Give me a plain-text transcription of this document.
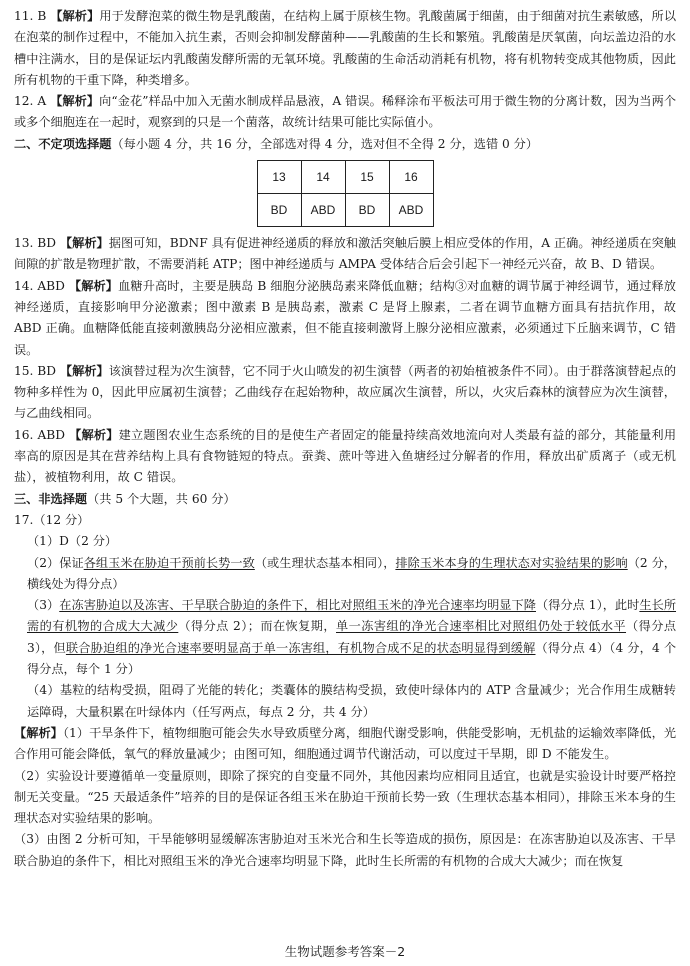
11. B 【解析】用于发酵泡菜的微生物是乳酸菌，在结构上属于原核生物。乳酸菌属于细菌，由于细菌对抗生素敏感，所以在泡菜的制作过程中，不能加入抗生素，否则会抑制发酵菌种——乳酸菌的生长和繁殖。乳酸菌是厌氧菌，向坛盖边沿的水槽中注满水，目的是保证坛内乳酸菌发酵所需的无氧环境。乳酸菌的生命活动消耗有机物，将有机物转变成其他物质，因此所有机物的干重下降，种类增多。

12. A 【解析】向“金花”样品中加入无菌水制成样品悬液，A 错误。稀释涂布平板法可用于微生物的分离计数，因为当两个或多个细胞连在一起时，观察到的只是一个菌落，故统计结果可能比实际值小。

二、不定项选择题（每小题 4 分，共 16 分，全部选对得 4 分，选对但不全得 2 分，选错 0 分）

13	14	15	16
BD	ABD	BD	ABD

13. BD 【解析】据图可知，BDNF 具有促进神经递质的释放和激活突触后膜上相应受体的作用，A 正确。神经递质在突触间隙的扩散是物理扩散，不需要消耗 ATP；图中神经递质与 AMPA 受体结合后会引起下一神经元兴奋，故 B、D 错误。

14. ABD 【解析】血糖升高时，主要是胰岛 B 细胞分泌胰岛素来降低血糖；结构③对血糖的调节属于神经调节，通过释放神经递质，直接影响甲分泌激素；图中激素 B 是胰岛素，激素 C 是肾上腺素，二者在调节血糖方面具有拮抗作用，故 ABD 正确。血糖降低能直接刺激胰岛分泌相应激素，但不能直接刺激肾上腺分泌相应激素，必须通过下丘脑来调节，C 错误。

15. BD 【解析】该演替过程为次生演替，它不同于火山喷发的初生演替（两者的初始植被条件不同）。由于群落演替起点的物种多样性为 0，因此甲应属初生演替；乙曲线存在起始物种，故应属次生演替，所以，火灾后森林的演替应为次生演替，与乙曲线相同。

16. ABD 【解析】建立题图农业生态系统的目的是使生产者固定的能量持续高效地流向对人类最有益的部分，其能量利用率高的原因是其在营养结构上具有食物链短的特点。蚕粪、蔗叶等进入鱼塘经过分解者的作用，释放出矿质离子（或无机盐），被植物利用，故 C 错误。

三、非选择题（共 5 个大题，共 60 分）

17.（12 分）

（1）D（2 分）

（2）保证各组玉米在胁迫干预前长势一致（或生理状态基本相同），排除玉米本身的生理状态对实验结果的影响（2 分，横线处为得分点）

（3）在冻害胁迫以及冻害、干旱联合胁迫的条件下，相比对照组玉米的净光合速率均明显下降（得分点 1），此时生长所需的有机物的合成大大减少（得分点 2）；而在恢复期，单一冻害组的净光合速率相比对照组仍处于较低水平（得分点 3），但联合胁迫组的净光合速率要明显高于单一冻害组，有机物合成不足的状态明显得到缓解（得分点 4）（4 分，4 个得分点，每个 1 分）

（4）基粒的结构受损，阻碍了光能的转化；类囊体的膜结构受损，致使叶绿体内的 ATP 含量减少；光合作用生成糖转运障碍，大量积累在叶绿体内（任写两点，每点 2 分，共 4 分）

【解析】（1）干旱条件下，植物细胞可能会失水导致质壁分离，细胞代谢受影响，供能受影响，无机盐的运输效率降低，光合作用可能会降低，氧气的释放量减少；由图可知，细胞通过调节代谢活动，可以度过干旱期，即 D 不能发生。

（2）实验设计要遵循单一变量原则，即除了探究的自变量不同外，其他因素均应相同且适宜，也就是实验设计时要严格控制无关变量。“25 天最适条件”培养的目的是保证各组玉米在胁迫干预前长势一致（生理状态基本相同），排除玉米本身的生理状态对实验结果的影响。

（3）由图 2 分析可知，干旱能够明显缓解冻害胁迫对玉米光合和生长等造成的损伤，原因是：在冻害胁迫以及冻害、干旱联合胁迫的条件下，相比对照组玉米的净光合速率均明显下降，此时生长所需的有机物的合成大大减少；而在恢复

生物试题参考答案－2
